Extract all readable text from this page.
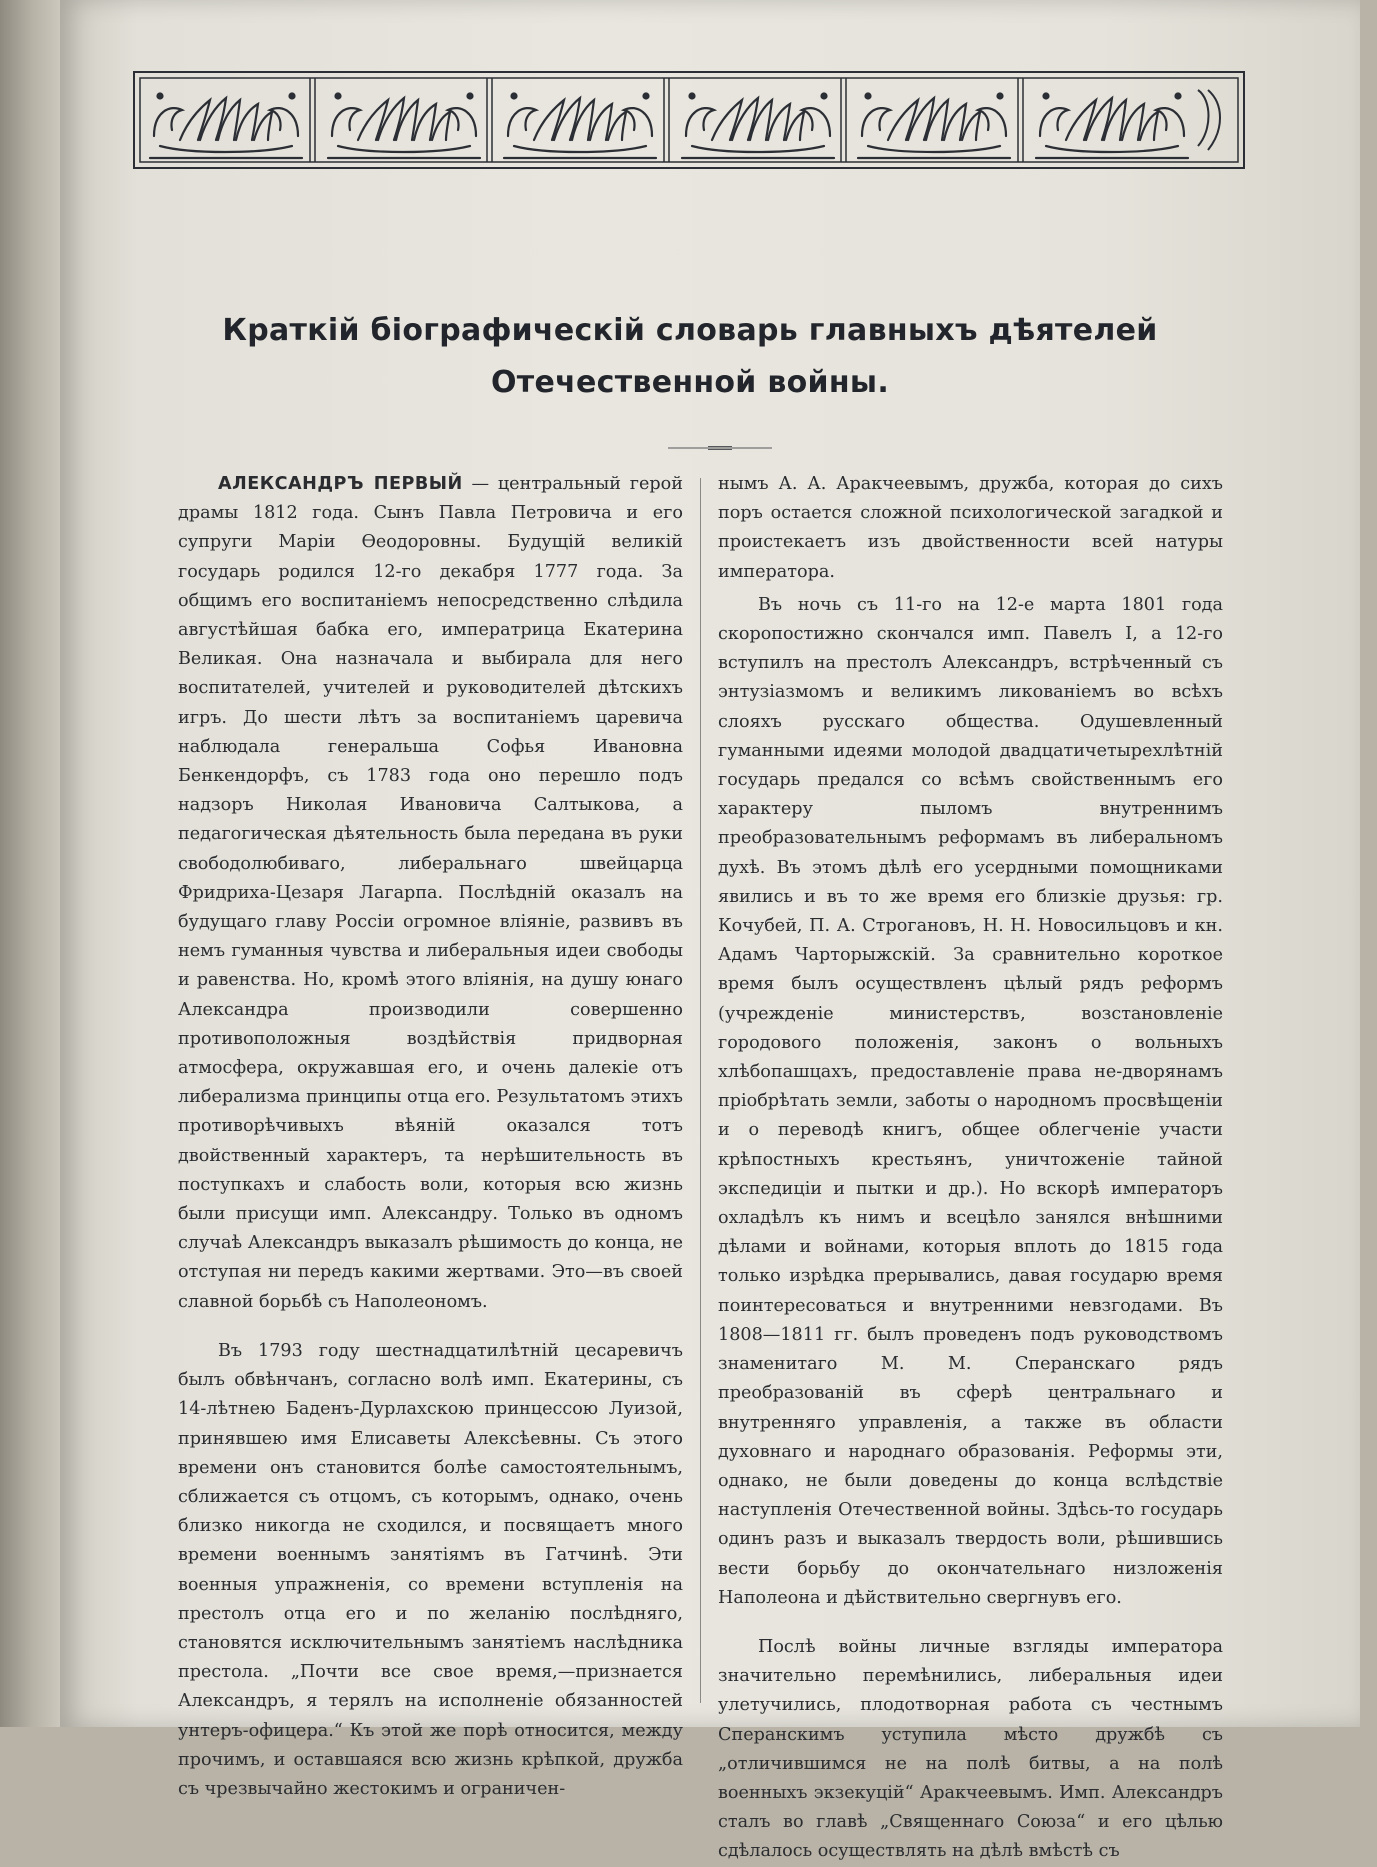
Краткій біографическій словарь главныхъ дѣятелей
Отечественной войны.

АЛЕКСАНДРЪ ПЕРВЫЙ — центральный герой драмы 1812 года. Сынъ Павла Петровича и его супруги Маріи Ѳеодоровны. Будущій великій государь родился 12-го декабря 1777 года. За общимъ его воспитаніемъ непосредственно слѣдила августѣйшая бабка его, императрица Екатерина Великая. Она назначала и выбирала для него воспитателей, учителей и руководителей дѣтскихъ игръ. До шести лѣтъ за воспитаніемъ царевича наблюдала генеральша Софья Ивановна Бенкендорфъ, съ 1783 года оно перешло подъ надзоръ Николая Ивановича Салтыкова, а педагогическая дѣятельность была передана въ руки свободолюбиваго, либеральнаго швейцарца Фридриха-Цезаря Лагарпа. Послѣдній оказалъ на будущаго главу Россіи огромное вліяніе, развивъ въ немъ гуманныя чувства и либеральныя идеи свободы и равенства. Но, кромѣ этого вліянія, на душу юнаго Александра производили совершенно противоположныя воздѣйствія придворная атмосфера, окружавшая его, и очень далекіе отъ либерализма принципы отца его. Результатомъ этихъ противорѣчивыхъ вѣяній оказался тотъ двойственный характеръ, та нерѣшительность въ поступкахъ и слабость воли, которыя всю жизнь были присущи имп. Александру. Только въ одномъ случаѣ Александръ выказалъ рѣшимость до конца, не отступая ни передъ какими жертвами. Это—въ своей славной борьбѣ съ Наполеономъ.

Въ 1793 году шестнадцатилѣтній цесаревичъ былъ обвѣнчанъ, согласно волѣ имп. Екатерины, съ 14-лѣтнею Баденъ-Дурлахскою принцессою Луизой, принявшею имя Елисаветы Алексѣевны. Съ этого времени онъ становится болѣе самостоятельнымъ, сближается съ отцомъ, съ которымъ, однако, очень близко никогда не сходился, и посвящаетъ много времени военнымъ занятіямъ въ Гатчинѣ. Эти военныя упражненія, со времени вступленія на престолъ отца его и по желанію послѣдняго, становятся исключительнымъ занятіемъ наслѣдника престола. „Почти все свое время,—признается Александръ, я терялъ на исполненіе обязанностей унтеръ-офицера.“ Къ этой же порѣ относится, между прочимъ, и оставшаяся всю жизнь крѣпкой, дружба съ чрезвычайно жестокимъ и ограничен-

нымъ А. А. Аракчеевымъ, дружба, которая до сихъ поръ остается сложной психологической загадкой и проистекаетъ изъ двойственности всей натуры императора.

Въ ночь съ 11-го на 12-е марта 1801 года скоропостижно скончался имп. Павелъ I, а 12-го вступилъ на престолъ Александръ, встрѣченный съ энтузіазмомъ и великимъ ликованіемъ во всѣхъ слояхъ русскаго общества. Одушевленный гуманными идеями молодой двадцатичетырехлѣтній государь предался со всѣмъ свойственнымъ его характеру пыломъ внутреннимъ преобразовательнымъ реформамъ въ либеральномъ духѣ. Въ этомъ дѣлѣ его усердными помощниками явились и въ то же время его близкіе друзья: гр. Кочубей, П. А. Строгановъ, Н. Н. Новосильцовъ и кн. Адамъ Чарторыжскій. За сравнительно короткое время былъ осуществленъ цѣлый рядъ реформъ (учрежденіе министерствъ, возстановленіе городового положенія, законъ о вольныхъ хлѣбопашцахъ, предоставленіе права не-дворянамъ пріобрѣтать земли, заботы о народномъ просвѣщеніи и о переводѣ книгъ, общее облегченіе участи крѣпостныхъ крестьянъ, уничтоженіе тайной экспедиціи и пытки и др.). Но вскорѣ императоръ охладѣлъ къ нимъ и всецѣло занялся внѣшними дѣлами и войнами, которыя вплоть до 1815 года только изрѣдка прерывались, давая государю время поинтересоваться и внутренними невзгодами. Въ 1808—1811 гг. былъ проведенъ подъ руководствомъ знаменитаго М. М. Сперанскаго рядъ преобразованій въ сферѣ центральнаго и внутренняго управленія, а также въ области духовнаго и народнаго образованія. Реформы эти, однако, не были доведены до конца вслѣдствіе наступленія Отечественной войны. Здѣсь-то государь одинъ разъ и выказалъ твердость воли, рѣшившись вести борьбу до окончательнаго низложенія Наполеона и дѣйствительно свергнувъ его.

Послѣ войны личные взгляды императора значительно перемѣнились, либеральныя идеи улетучились, плодотворная работа съ честнымъ Сперанскимъ уступила мѣсто дружбѣ съ „отличившимся не на полѣ битвы, а на полѣ военныхъ экзекуцій“ Аракчеевымъ. Имп. Александръ сталъ во главѣ „Священнаго Союза“ и его цѣлью сдѣлалось осуществлять на дѣлѣ вмѣстѣ съ
